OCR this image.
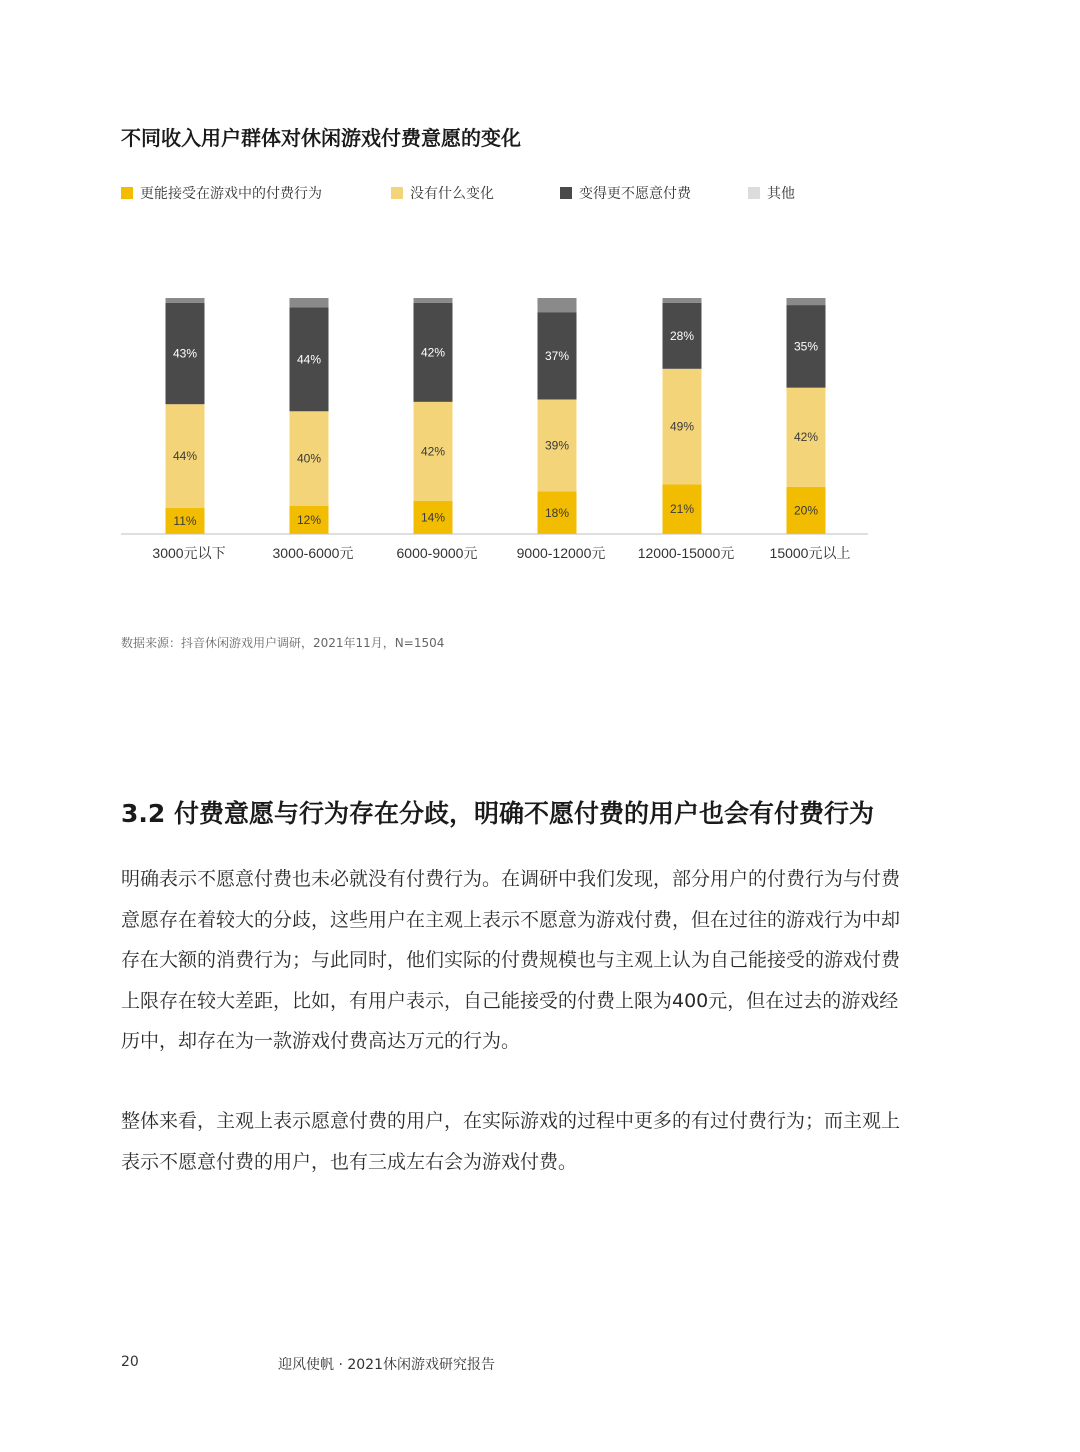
不同收入用户群体对休闲游戏付费意愿的变化
更能接受在游戏中的付费行为	没有什么变化	变得更不愿意付费	其他
11%
44%
43%
3000元以下
12%
40%
44%
3000-6000元
14%
42%
42%
6000-9000元
18%
39%
37%
9000-12000元
21%
49%
28%
12000-15000元
20%
42%
35%
15000元以上
数据来源：抖音休闲游戏用户调研，2021年11月，N=1504
3.2 付费意愿与行为存在分歧，明确不愿付费的用户也会有付费行为

明确表示不愿意付费也未必就没有付费行为。在调研中我们发现，部分用户的付费行为与付费意愿存在着较大的分歧，这些用户在主观上表示不愿意为游戏付费，但在过往的游戏行为中却存在大额的消费行为；与此同时，他们实际的付费规模也与主观上认为自己能接受的游戏付费上限存在较大差距，比如，有用户表示，自己能接受的付费上限为400元，但在过去的游戏经历中，却存在为一款游戏付费高达万元的行为。

整体来看，主观上表示愿意付费的用户，在实际游戏的过程中更多的有过付费行为；而主观上表示不愿意付费的用户，也有三成左右会为游戏付费。

20	迎风使帆 · 2021休闲游戏研究报告
